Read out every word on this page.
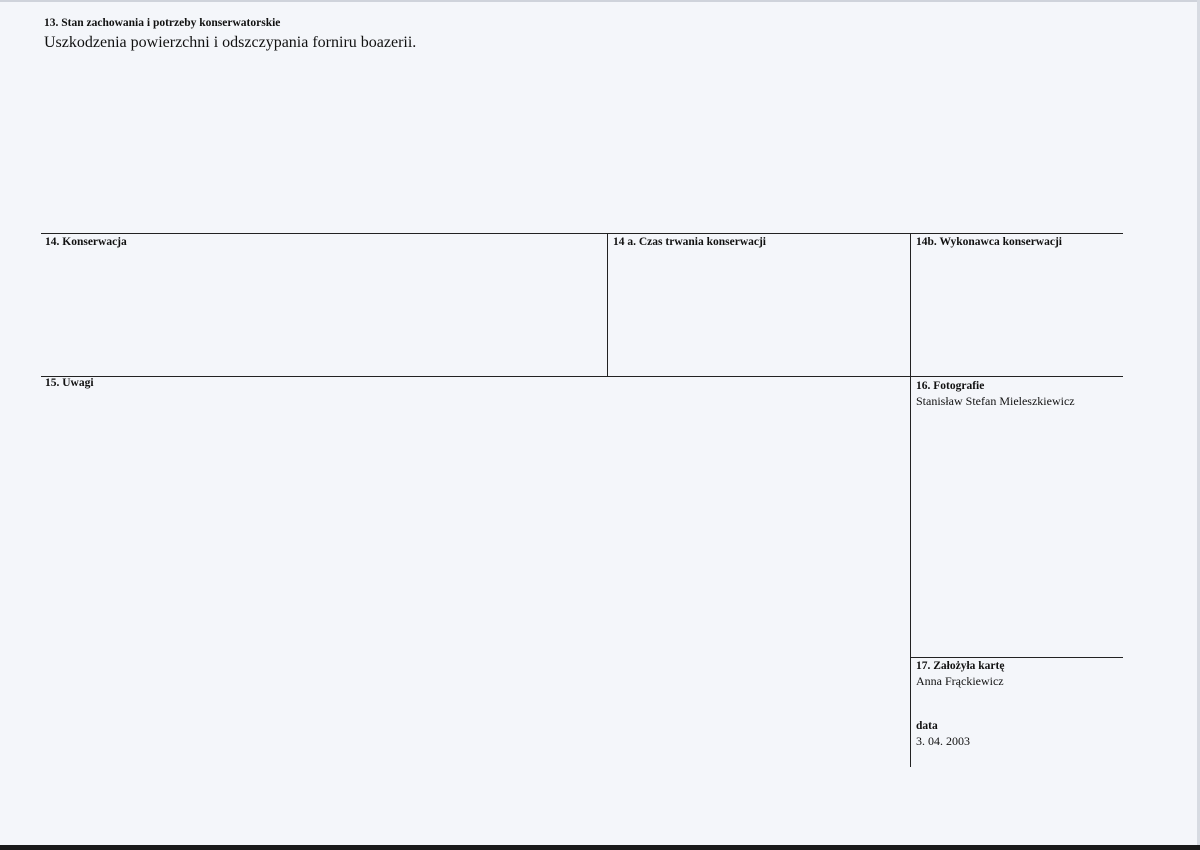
13. Stan zachowania i potrzeby konserwatorskie
Uszkodzenia powierzchni i odszczypania forniru boazerii.
14. Konserwacja	14 a. Czas trwania konserwacji	14b. Wykonawca konserwacji
15. Uwagi	16. Fotografie
Stanisław Stefan Mieleszkiewicz
17. Założyła kartę
Anna Frąckiewicz
data
3. 04. 2003
